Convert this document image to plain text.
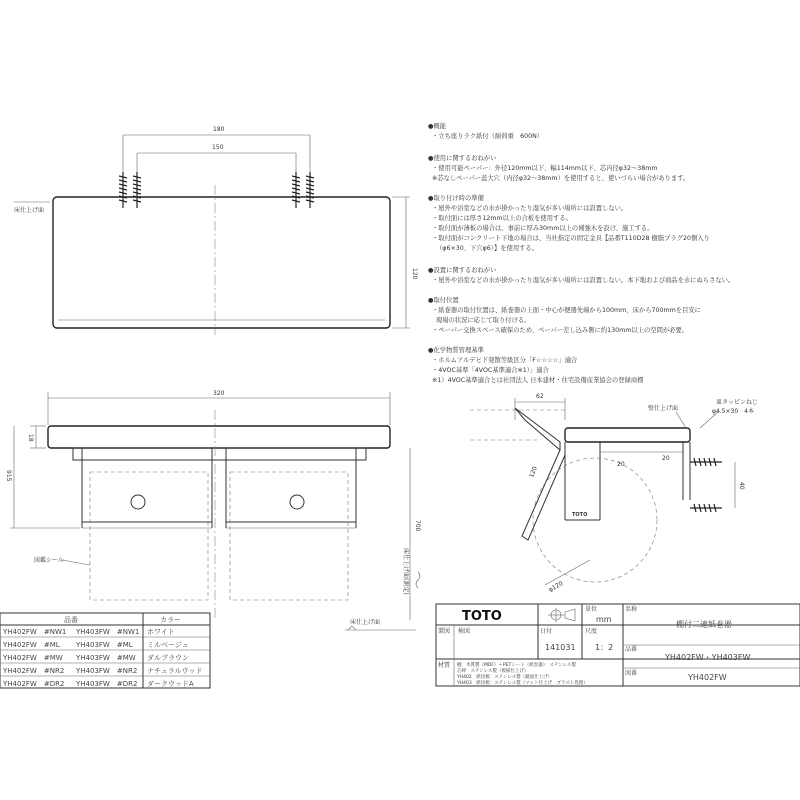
180
150
床仕上げ面
120
320
18
915
図鑑シール
700
床仕上げ面(測定)
床仕上げ面
62
TOTO
φ120
120
20
20
40
壁仕上げ面
皿タッピンねじ
φ4.5×30　4本
●概能
・立ち座りラク紙付（耐荷重　600N）
●使用に関するおねがい
・使用可能ペーパー：外径120mm以下、幅114mm以下、芯内径φ32～38mm
※芯なしペーパー蕊大穴（内径φ32～38mm）を使用すると、使いづらい場合があります。
●取り付け時の準備
・屋外や浴室などの水が掛かったり湿気が多い場所には設置しない。
・取付面には厚さ12mm以上の合板を使用する。
・取付面が薄板の場合は、事前に厚み30mm以上の補強木を設け、施工する。
・取付面がコンクリート下地の場合は、当社指定の固定金具【品番T110D28 樹脂プラグ20個入り
（φ6×30、下穴φ6）】を使用する。
●設置に関するおねがい
・屋外や浴室などの水が掛かったり湿気が多い場所には設置しない。本下地および商品を水にぬらさない。
●取付位置
・紙巻器の取付位置は、紙巻器の上面・中心が便器先端から100mm、床から700mmを目安に
現場の状況に応じて取り付ける。
・ペーパー交換スペース確保のため、ペーパー差し込み側に約130mm以上の空間が必要。
●化学物質管理基準
・ホルムアルデヒド発散等級区分「F☆☆☆☆」適合
・4VOC基準「4VOC基準適合※1）」適合
※1）4VOC基準適合とは社団法人 日本建材・住宅設備産業協会の登録商標
品番	カラー
YH402FW　#NW1 YH403FW　#NW1 ホワイト
YH402FW　#ML YH403FW　#ML ミルベージュ
YH402FW　#MW YH403FW　#MW ダルブラウン
YH402FW　#NR2 YH403FW　#NR2 ナチュラルウッド
YH402FW　#DR2 YH403FW　#DR2 ダークウッドA
TOTO	単位
mm
名称
棚付二連紙巻器
製図 検図	日付
141031
尺度
1：2 品番
YH402FW・YH403FW
材質 棚：木質製（MDF）＋PETシート（紙巻器）：ステンレス製
芯棒：ステンレス製（模様仕上げ）
YH402　紙切板：ステンレス製（鏡面仕上げ）
YH403　紙切板：ステンレス製（マット仕上げ　ブラスト処理）
図番	YH402FW
